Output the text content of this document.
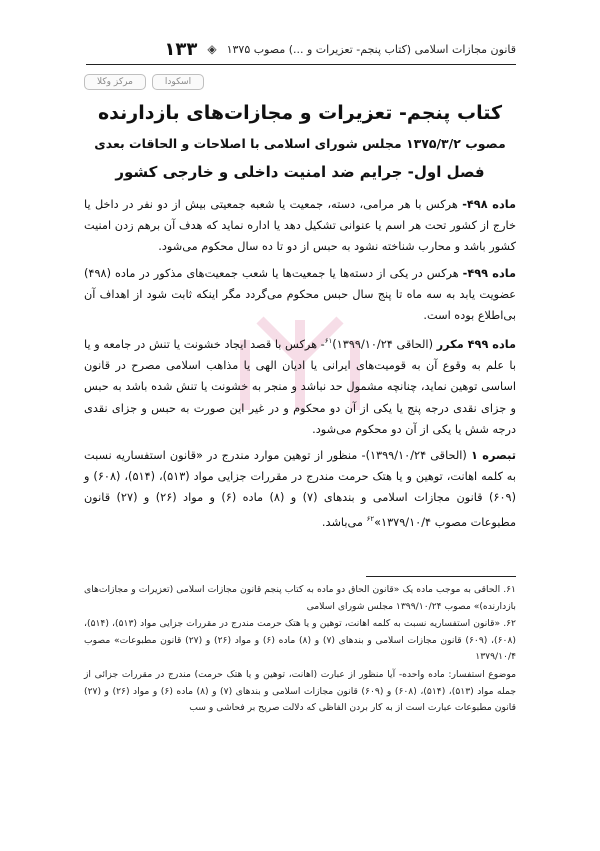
۱۳۳ ◈ قانون مجازات اسلامی (کتاب پنجم- تعزیرات و ...) مصوب ۱۳۷۵
مرکز وکلا	اسکودا
کتاب پنجم- تعزیرات و مجازات‌های بازدارنده
مصوب ۱۳۷۵/۳/۲ مجلس شورای اسلامی با اصلاحات و الحاقات بعدی
فصل اول- جرایم ضد امنیت داخلی و خارجی کشور

ماده ۴۹۸- هرکس با هر مرامی، دسته، جمعیت یا شعبه جمعیتی بیش از دو نفر در داخل یا خارج از کشور تحت هر اسم یا عنوانی تشکیل دهد یا اداره نماید که هدف آن برهم زدن امنیت کشور باشد و محارب شناخته نشود به حبس از دو تا ده سال محکوم می‌شود.

ماده ۴۹۹- هرکس در یکی از دسته‌ها یا جمعیت‌ها یا شعب جمعیت‌های مذکور در ماده (۴۹۸) عضویت یابد به سه ماه تا پنج سال حبس محکوم می‌گردد مگر اینکه ثابت شود از اهداف آن بی‌اطلاع بوده است.

ماده ۴۹۹ مکرر (الحاقی ۱۳۹۹/۱۰/۲۴)$^{۶۱}$- هرکس با قصد ایجاد خشونت یا تنش در جامعه و یا با علم به وقوع آن به قومیت‌های ایرانی یا ادیان الهی یا مذاهب اسلامی مصرح در قانون اساسی توهین نماید، چنانچه مشمول حد نباشد و منجر به خشونت یا تنش شده باشد به حبس و جزای نقدی درجه پنج یا یکی از آن دو محکوم و در غیر این صورت به حبس و جزای نقدی درجه شش یا یکی از آن دو محکوم می‌شود.

تبصره ۱ (الحاقی ۱۳۹۹/۱۰/۲۴)- منظور از توهین موارد مندرج در «قانون استفساریه نسبت به کلمه اهانت، توهین و یا هتک حرمت مندرج در مقررات جزایی مواد (۵۱۳)، (۵۱۴)، (۶۰۸) و (۶۰۹) قانون مجازات اسلامی و بندهای (۷) و (۸) ماده (۶) و مواد (۲۶) و (۲۷) قانون مطبوعات مصوب ۱۳۷۹/۱۰/۴»$^{۶۲}$ می‌باشد.

۶۱. الحاقی به موجب ماده یک «قانون الحاق دو ماده به کتاب پنجم قانون مجازات اسلامی (تعزیرات و مجازات‌های بازدارنده)» مصوب ۱۳۹۹/۱۰/۲۴ مجلس شورای اسلامی

۶۲. «قانون استفساریه نسبت به کلمه اهانت، توهین و یا هتک حرمت مندرج در مقررات جزایی مواد (۵۱۳)، (۵۱۴)، (۶۰۸)، (۶۰۹) قانون مجازات اسلامی و بندهای (۷) و (۸) ماده (۶) و مواد (۲۶) و (۲۷) قانون مطبوعات» مصوب ۱۳۷۹/۱۰/۴

موضوع استفسار: ماده واحده- آیا منظور از عبارت (اهانت، توهین و یا هتک حرمت) مندرج در مقررات جزائی از جمله مواد (۵۱۳)، (۵۱۴)، (۶۰۸) و (۶۰۹) قانون مجازات اسلامی و بندهای (۷) و (۸) ماده (۶) و مواد (۲۶) و (۲۷) قانون مطبوعات عبارت است از به کار بردن الفاظی که دلالت صریح بر فحاشی و سب
